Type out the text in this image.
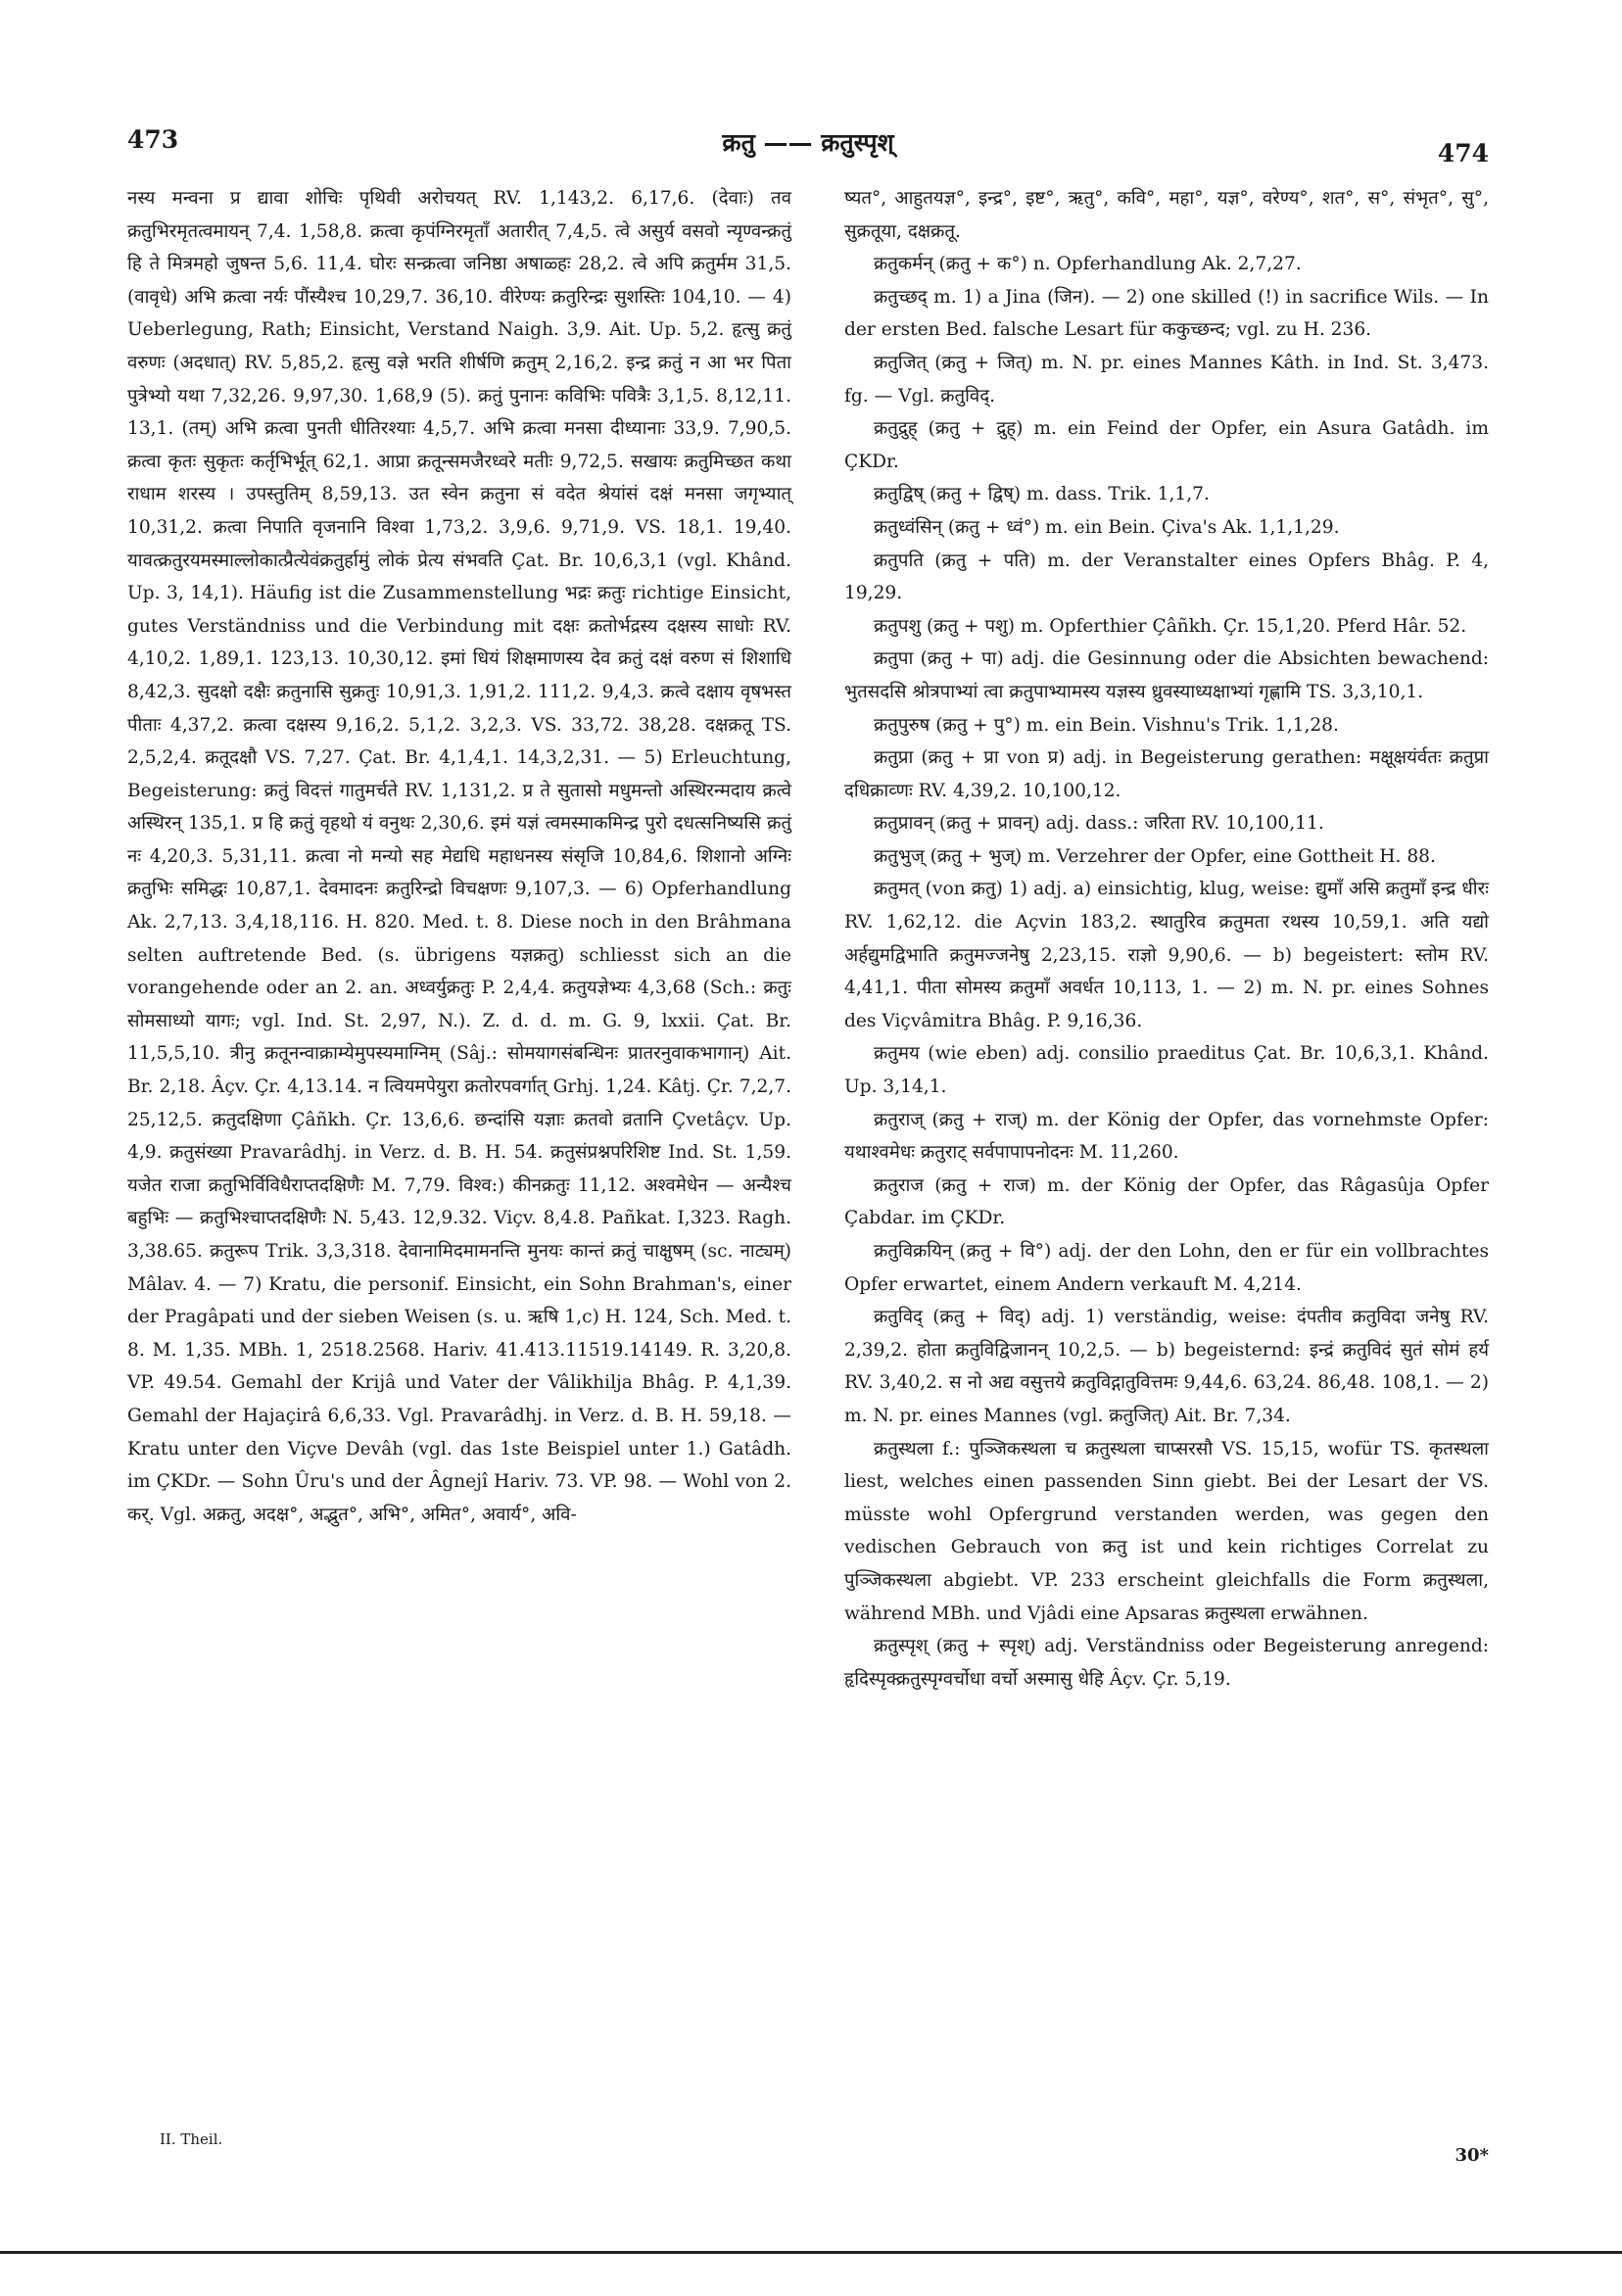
473	क्रतु —— क्रतुस्पृश्	474

नस्य मन्वना प्र द्यावा शोचिः पृथिवी अरोचयत् RV. 1,143,2. 6,17,6. (देवाः) तव क्रतुभिरमृतत्वमायन् 7,4. 1,58,8. क्रत्वा कृपंग्निरमृताँ अतारीत् 7,4,5. त्वे असुर्य वसवो न्यृण्वन्क्रतुं हि ते मित्रमहो जुषन्त 5,6. 11,4. घोरः सन्क्रत्वा जनिष्ठा अषाळ्हः 28,2. त्वे अपि क्रतुर्मम 31,5. (वावृधे) अभि क्रत्वा नर्यः पौंस्यैश्च 10,29,7. 36,10. वीरेण्यः क्रतुरिन्द्रः सुशस्तिः 104,10. — 4) Ueberlegung, Rath; Einsicht, Verstand Naigh. 3,9. Ait. Up. 5,2. हृत्सु क्रतुं वरुणः (अदधात्) RV. 5,85,2. हृत्सु वज्ञे भरति शीर्षणि क्रतुम् 2,16,2. इन्द्र क्रतुं न आ भर पिता पुत्रेभ्यो यथा 7,32,26. 9,97,30. 1,68,9 (5). क्रतुं पुनानः कविभिः पवित्रैः 3,1,5. 8,12,11. 13,1. (तम्) अभि क्रत्वा पुनती धीतिरश्याः 4,5,7. अभि क्रत्वा मनसा दीध्यानाः 33,9. 7,90,5. क्रत्वा कृतः सुकृतः कर्तृभिर्भूत् 62,1. आप्रा क्रतून्समजैरध्वरे मतीः 9,72,5. सखायः क्रतुमिच्छत कथा राधाम शरस्य । उपस्तुतिम् 8,59,13. उत स्वेन क्रतुना सं वदेत श्रेयांसं दक्षं मनसा जगृभ्यात् 10,31,2. क्रत्वा निपाति वृजनानि विश्वा 1,73,2. 3,9,6. 9,71,9. VS. 18,1. 19,40. यावत्क्रतुरयमस्माल्लोकात्प्रैत्येवंक्रतुर्हामुं लोकं प्रेत्य संभवति Çat. Br. 10,6,3,1 (vgl. Khând. Up. 3, 14,1). Häufig ist die Zusammenstellung भद्रः क्रतुः richtige Einsicht, gutes Verständniss und die Verbindung mit दक्षः क्रतोर्भद्रस्य दक्षस्य साधोः RV. 4,10,2. 1,89,1. 123,13. 10,30,12. इमां धियं शिक्षमाणस्य देव क्रतुं दक्षं वरुण सं शिशाधि 8,42,3. सुदक्षो दक्षैः क्रतुनासि सुक्रतुः 10,91,3. 1,91,2. 111,2. 9,4,3. क्रत्वे दक्षाय वृषभस्त पीताः 4,37,2. क्रत्वा दक्षस्य 9,16,2. 5,1,2. 3,2,3. VS. 33,72. 38,28. दक्षक्रतू TS. 2,5,2,4. क्रतूदक्षौ VS. 7,27. Çat. Br. 4,1,4,1. 14,3,2,31. — 5) Erleuchtung, Begeisterung: क्रतुं विदत्तं गातुमर्चते RV. 1,131,2. प्र ते सुतासो मधुमन्तो अस्थिरन्मदाय क्रत्वे अस्थिरन् 135,1. प्र हि क्रतुं वृहथो यं वनुथः 2,30,6. इमं यज्ञं त्वमस्माकमिन्द्र पुरो दधत्सनिष्यसि क्रतुं नः 4,20,3. 5,31,11. क्रत्वा नो मन्यो सह मेद्यधि महाधनस्य संसृजि 10,84,6. शिशानो अग्निः क्रतुभिः समिद्धः 10,87,1. देवमादनः क्रतुरिन्द्रो विचक्षणः 9,107,3. — 6) Opferhandlung Ak. 2,7,13. 3,4,18,116. H. 820. Med. t. 8. Diese noch in den Brâhmana selten auftretende Bed. (s. übrigens यज्ञक्रतु) schliesst sich an die vorangehende oder an 2. an. अध्वर्युक्रतुः P. 2,4,4. क्रतुयज्ञेभ्यः 4,3,68 (Sch.: क्रतुः सोमसाध्यो यागः; vgl. Ind. St. 2,97, N.). Z. d. d. m. G. 9, lxxii. Çat. Br. 11,5,5,10. त्रीनु क्रतूनन्वाक्राम्येमुपस्यमाग्निम् (Sâj.: सोमयागसंबन्धिनः प्रातरनुवाकभागान्) Ait. Br. 2,18. Âçv. Çr. 4,13.14. न त्वियमपेयुरा क्रतोरपवर्गात् Grhj. 1,24. Kâtj. Çr. 7,2,7. 25,12,5. क्रतुदक्षिणा Çâñkh. Çr. 13,6,6. छन्दांसि यज्ञाः क्रतवो व्रतानि Çvetâçv. Up. 4,9. क्रतुसंख्या Pravarâdhj. in Verz. d. B. H. 54. क्रतुसंप्रश्नपरिशिष्ट Ind. St. 1,59. यजेत राजा क्रतुभिर्विविधैराप्तदक्षिणैः M. 7,79. विश्व:) कीनक्रतुः 11,12. अश्वमेधेन — अन्यैश्च बहुभिः — क्रतुभिश्चाप्तदक्षिणैः N. 5,43. 12,9.32. Viçv. 8,4.8. Pañkat. I,323. Ragh. 3,38.65. क्रतुरूप Trik. 3,3,318. देवानामिदमामनन्ति मुनयः कान्तं क्रतुं चाक्षुषम् (sc. नाट्यम्) Mâlav. 4. — 7) Kratu, die personif. Einsicht, ein Sohn Brahman's, einer der Pragâpati und der sieben Weisen (s. u. ऋषि 1,c) H. 124, Sch. Med. t. 8. M. 1,35. MBh. 1, 2518.2568. Hariv. 41.413.11519.14149. R. 3,20,8. VP. 49.54. Gemahl der Krijâ und Vater der Vâlikhilja Bhâg. P. 4,1,39. Gemahl der Hajaçirâ 6,6,33. Vgl. Pravarâdhj. in Verz. d. B. H. 59,18. — Kratu unter den Viçve Devâh (vgl. das 1ste Beispiel unter 1.) Gatâdh. im ÇKDr. — Sohn Ûru's und der Âgnejî Hariv. 73. VP. 98. — Wohl von 2. कर्. Vgl. अक्रतु, अदक्ष°, अद्भुत°, अभि°, अमित°, अवार्य°, अवि-

ष्यत°, आहुतयज्ञ°, इन्द्र°, इष्ट°, ऋतु°, कवि°, महा°, यज्ञ°, वरेण्य°, शत°, स°, संभृत°, सु°, सुक्रतूया, दक्षक्रतू.

क्रतुकर्मन् (क्रतु + क°) n. Opferhandlung Ak. 2,7,27.

क्रतुच्छद् m. 1) a Jina (जिन). — 2) one skilled (!) in sacrifice Wils. — In der ersten Bed. falsche Lesart für ककुच्छन्द; vgl. zu H. 236.

क्रतुजित् (क्रतु + जित्) m. N. pr. eines Mannes Kâth. in Ind. St. 3,473. fg. — Vgl. क्रतुविद्.

क्रतुद्रुह् (क्रतु + द्रुह्) m. ein Feind der Opfer, ein Asura Gatâdh. im ÇKDr.

क्रतुद्विष् (क्रतु + द्विष्) m. dass. Trik. 1,1,7.

क्रतुध्वंसिन् (क्रतु + ध्वं°) m. ein Bein. Çiva's Ak. 1,1,1,29.

क्रतुपति (क्रतु + पति) m. der Veranstalter eines Opfers Bhâg. P. 4, 19,29.

क्रतुपशु (क्रतु + पशु) m. Opferthier Çâñkh. Çr. 15,1,20. Pferd Hâr. 52.

क्रतुपा (क्रतु + पा) adj. die Gesinnung oder die Absichten bewachend: भुतसदसि श्रोत्रपाभ्यां त्वा क्रतुपाभ्यामस्य यज्ञस्य ध्रुवस्याध्यक्षाभ्यां गृह्णामि TS. 3,3,10,1.

क्रतुपुरुष (क्रतु + पु°) m. ein Bein. Vishnu's Trik. 1,1,28.

क्रतुप्रा (क्रतु + प्रा von प्र) adj. in Begeisterung gerathen: मक्षूक्षयंर्वतः क्रतुप्रा दधिक्राव्णः RV. 4,39,2. 10,100,12.

क्रतुप्रावन् (क्रतु + प्रावन्) adj. dass.: जरिता RV. 10,100,11.

क्रतुभुज् (क्रतु + भुज्) m. Verzehrer der Opfer, eine Gottheit H. 88.

क्रतुमत् (von क्रतु) 1) adj. a) einsichtig, klug, weise: द्युमाँ असि क्रतुमाँ इन्द्र धीरः RV. 1,62,12. die Açvin 183,2. स्थातुरिव क्रतुमता रथस्य 10,59,1. अति यद्यो अर्हद्युमद्विभाति क्रतुमज्जनेषु 2,23,15. राज्ञो 9,90,6. — b) begeistert: स्तोम RV. 4,41,1. पीता सोमस्य क्रतुमाँ अवर्धत 10,113, 1. — 2) m. N. pr. eines Sohnes des Viçvâmitra Bhâg. P. 9,16,36.

क्रतुमय (wie eben) adj. consilio praeditus Çat. Br. 10,6,3,1. Khând. Up. 3,14,1.

क्रतुराज् (क्रतु + राज्) m. der König der Opfer, das vornehmste Opfer: यथाश्वमेधः क्रतुराट् सर्वपापापनोदनः M. 11,260.

क्रतुराज (क्रतु + राज) m. der König der Opfer, das Râgasûja Opfer Çabdar. im ÇKDr.

क्रतुविक्रयिन् (क्रतु + वि°) adj. der den Lohn, den er für ein vollbrachtes Opfer erwartet, einem Andern verkauft M. 4,214.

क्रतुविद् (क्रतु + विद्) adj. 1) verständig, weise: दंपतीव क्रतुविदा जनेषु RV. 2,39,2. होता क्रतुविद्विजानन् 10,2,5. — b) begeisternd: इन्द्रं क्रतुविदं सुतं सोमं हर्य RV. 3,40,2. स नो अद्य वसुत्तये क्रतुविद्गातुवित्तमः 9,44,6. 63,24. 86,48. 108,1. — 2) m. N. pr. eines Mannes (vgl. क्रतुजित्) Ait. Br. 7,34.

क्रतुस्थला f.: पुञ्जिकस्थला च क्रतुस्थला चाप्सरसौ VS. 15,15, wofür TS. कृतस्थला liest, welches einen passenden Sinn giebt. Bei der Lesart der VS. müsste wohl Opfergrund verstanden werden, was gegen den vedischen Gebrauch von क्रतु ist und kein richtiges Correlat zu पुञ्जिकस्थला abgiebt. VP. 233 erscheint gleichfalls die Form क्रतुस्थला, während MBh. und Vjâdi eine Apsaras क्रतुस्थला erwähnen.

क्रतुस्पृश् (क्रतु + स्पृश्) adj. Verständniss oder Begeisterung anregend: हृदिस्पृक्क्रतुस्पृग्वर्चोधा वर्चो अस्मासु धेहि Âçv. Çr. 5,19.

II. Theil.
30*
